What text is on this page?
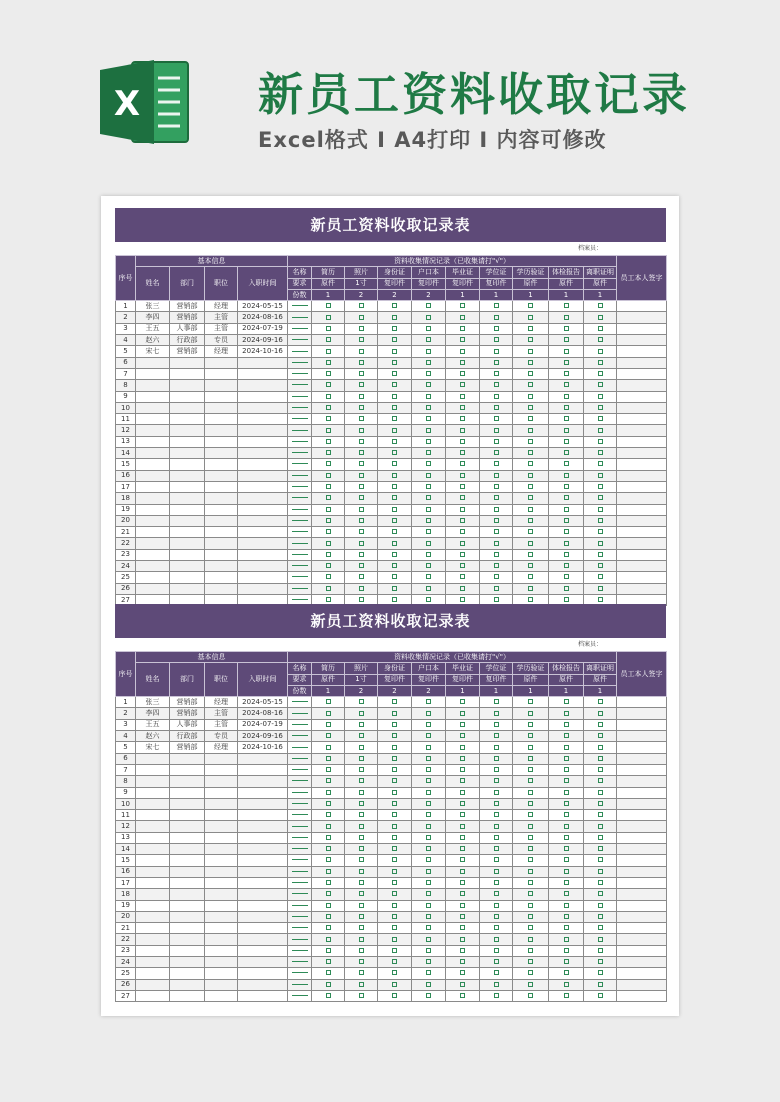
X	新员工资料收取记录
Excel格式 I A4打印 I 内容可修改
新员工资料收取记录表
档案员：
序号	基本信息				资料收集情况记录（已收集请打"√"）										员工本人签字
	姓名	部门	职位	入职时间	名称	简历	照片	身份证	户口本	毕业证	学位证	学历验证	体检报告	离职证明	
					要求	原件	1寸	复印件	复印件	复印件	复印件	原件	原件	原件	
					份数	1	2	2	2	1	1	1	1	1	
1	张三	营销部	经理	2024-05-15											
2	李四	营销部	主管	2024-08-16											
3	王五	人事部	主管	2024-07-19											
4	赵六	行政部	专员	2024-09-16											
5	宋七	营销部	经理	2024-10-16											
6															
7															
8															
9															
10															
11															
12															
13															
14															
15															
16															
17															
18															
19															
20															
21															
22															
23															
24															
25															
26															
27															
新员工资料收取记录表
档案员：
序号	基本信息				资料收集情况记录（已收集请打"√"）										员工本人签字
	姓名	部门	职位	入职时间	名称	简历	照片	身份证	户口本	毕业证	学位证	学历验证	体检报告	离职证明	
					要求	原件	1寸	复印件	复印件	复印件	复印件	原件	原件	原件	
					份数	1	2	2	2	1	1	1	1	1	
1	张三	营销部	经理	2024-05-15											
2	李四	营销部	主管	2024-08-16											
3	王五	人事部	主管	2024-07-19											
4	赵六	行政部	专员	2024-09-16											
5	宋七	营销部	经理	2024-10-16											
6															
7															
8															
9															
10															
11															
12															
13															
14															
15															
16															
17															
18															
19															
20															
21															
22															
23															
24															
25															
26															
27															
